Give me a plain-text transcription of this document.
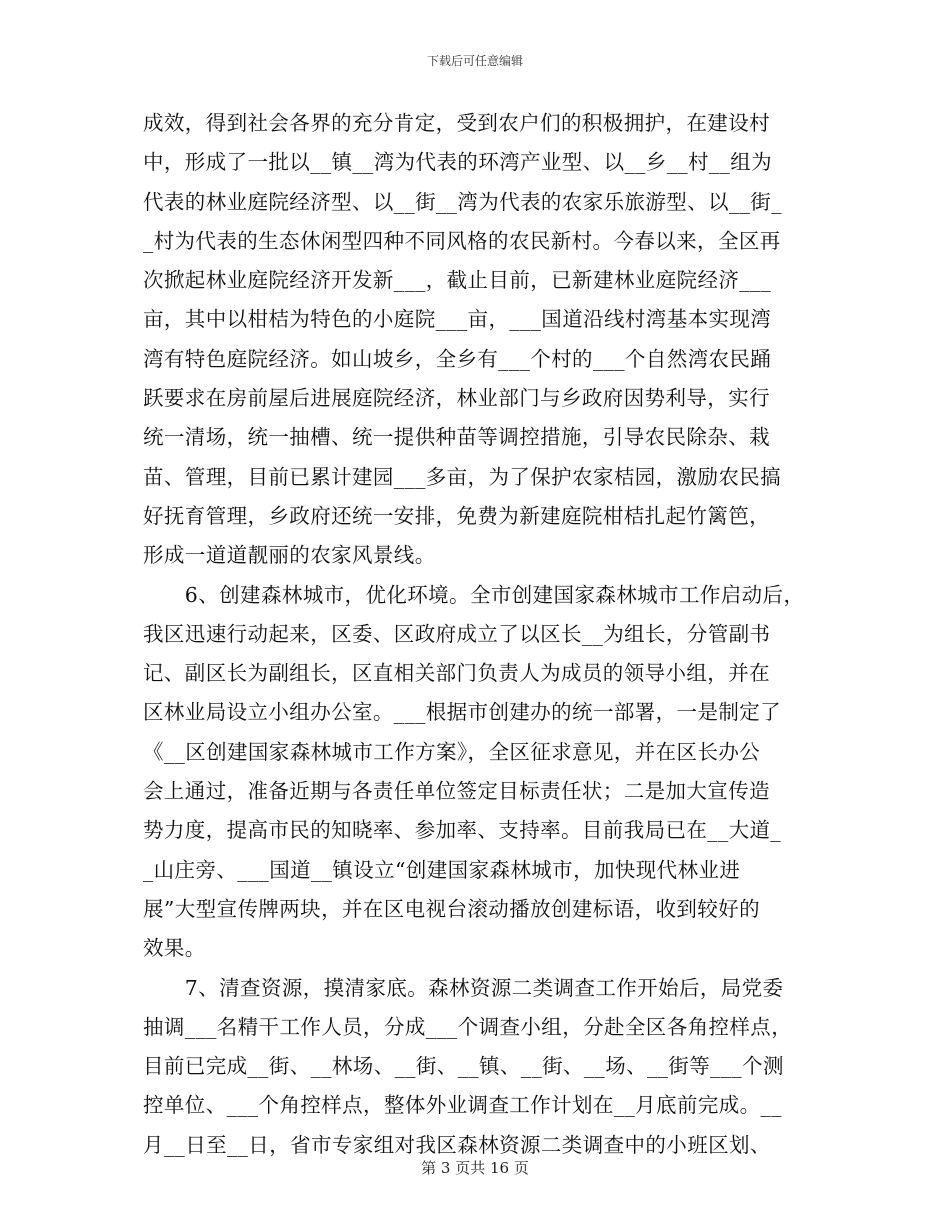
下载后可任意编辑
成效，得到社会各界的充分肯定，受到农户们的积极拥护，在建设村
中，形成了一批以__镇__湾为代表的环湾产业型、以__乡__村__组为
代表的林业庭院经济型、以__街__湾为代表的农家乐旅游型、以__街_
_村为代表的生态休闲型四种不同风格的农民新村。今春以来，全区再
次掀起林业庭院经济开发新___，截止目前，已新建林业庭院经济___
亩，其中以柑桔为特色的小庭院___亩，___国道沿线村湾基本实现湾
湾有特色庭院经济。如山坡乡，全乡有___个村的___个自然湾农民踊
跃要求在房前屋后进展庭院经济，林业部门与乡政府因势利导，实行
统一清场，统一抽槽、统一提供种苗等调控措施，引导农民除杂、栽
苗、管理，目前已累计建园___多亩，为了保护农家桔园，激励农民搞
好抚育管理，乡政府还统一安排，免费为新建庭院柑桔扎起竹篱笆，
形成一道道靓丽的农家风景线。
　　6、创建森林城市，优化环境。全市创建国家森林城市工作启动后，
我区迅速行动起来，区委、区政府成立了以区长__为组长，分管副书
记、副区长为副组长，区直相关部门负责人为成员的领导小组，并在
区林业局设立小组办公室。___根据市创建办的统一部署，一是制定了
《__区创建国家森林城市工作方案》，全区征求意见，并在区长办公
会上通过，准备近期与各责任单位签定目标责任状；二是加大宣传造
势力度，提高市民的知晓率、参加率、支持率。目前我局已在__大道_
_山庄旁、___国道__镇设立“创建国家森林城市，加快现代林业进
展”大型宣传牌两块，并在区电视台滚动播放创建标语，收到较好的
效果。
　　7、清查资源，摸清家底。森林资源二类调查工作开始后，局党委
抽调___名精干工作人员，分成___个调查小组，分赴全区各角控样点，
目前已完成__街、__林场、__街、__镇、__街、__场、__街等___个测
控单位、___个角控样点，整体外业调查工作计划在__月底前完成。__
月__日至__日，省市专家组对我区森林资源二类调查中的小班区划、
第 3 页共 16 页
